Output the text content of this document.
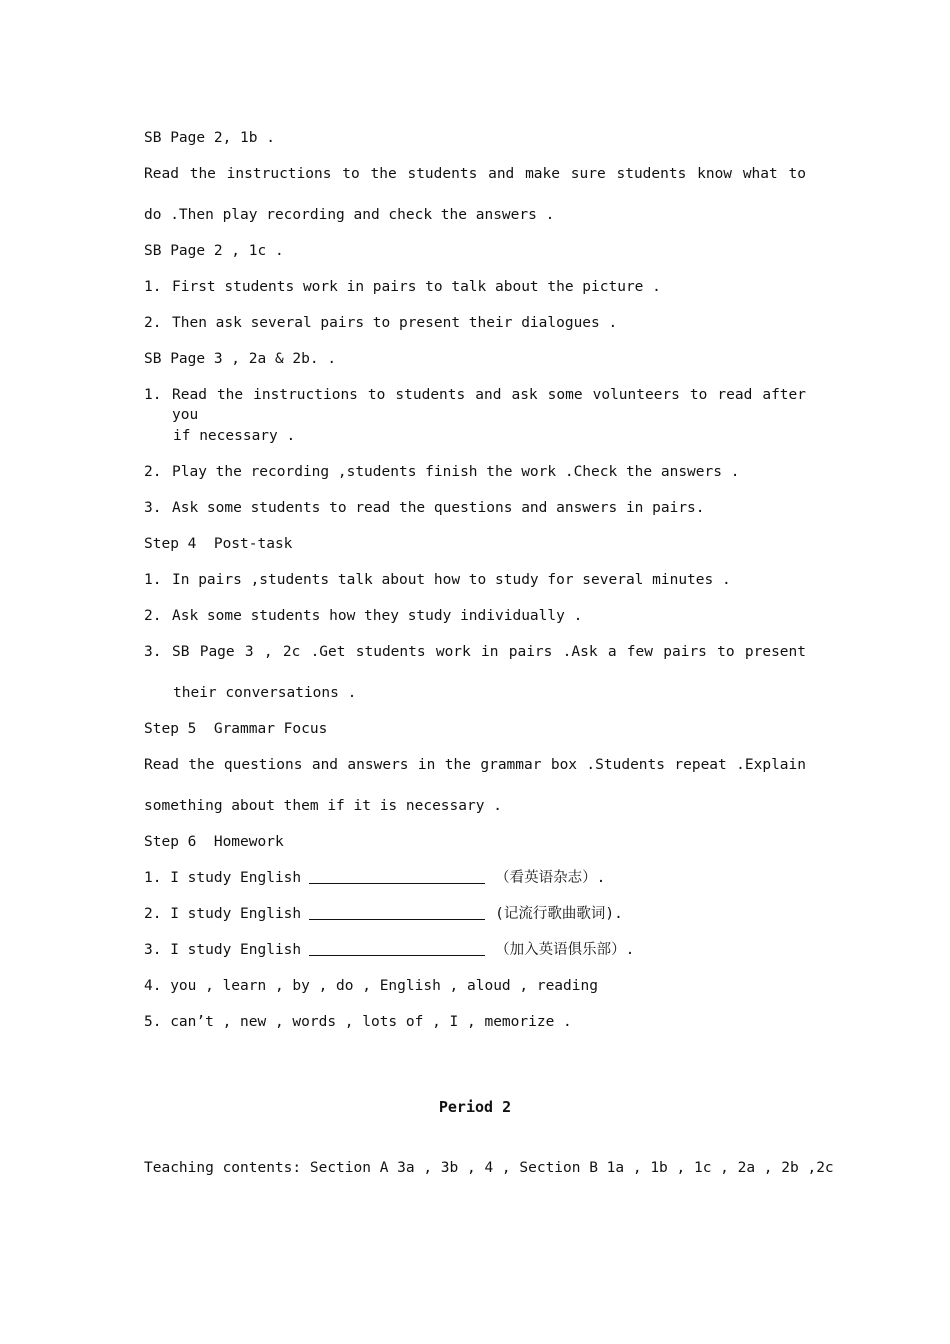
SB Page 2, 1b .

Read the instructions to the students and make sure students know what to

do .Then play recording and check the answers .

SB Page 2 , 1c .

1. First students work in pairs to talk about the picture .

2. Then ask several pairs to present their dialogues .

SB Page 3 , 2a & 2b. .

1. Read the instructions to students and ask some volunteers to read after you

if necessary .

2. Play the recording ,students finish the work .Check the answers .

3. Ask some students to read the questions and answers in pairs.

Step 4  Post-task

1. In pairs ,students talk about how to study for several minutes .

2. Ask some students how they study individually .

3. SB Page 3 , 2c .Get students work in pairs .Ask a few pairs to present

their conversations .

Step 5  Grammar Focus

Read the questions and answers in the grammar box .Students repeat .Explain

something about them if it is necessary .

Step 6  Homework

1. I study English	（看英语杂志）.

2. I study English	(记流行歌曲歌词).

3. I study English	（加入英语俱乐部）.

4. you , learn , by , do , English , aloud , reading

5. can’t , new , words , lots of , I , memorize .

Period 2

Teaching contents: Section A 3a , 3b , 4 , Section B 1a , 1b , 1c , 2a , 2b ,2c
